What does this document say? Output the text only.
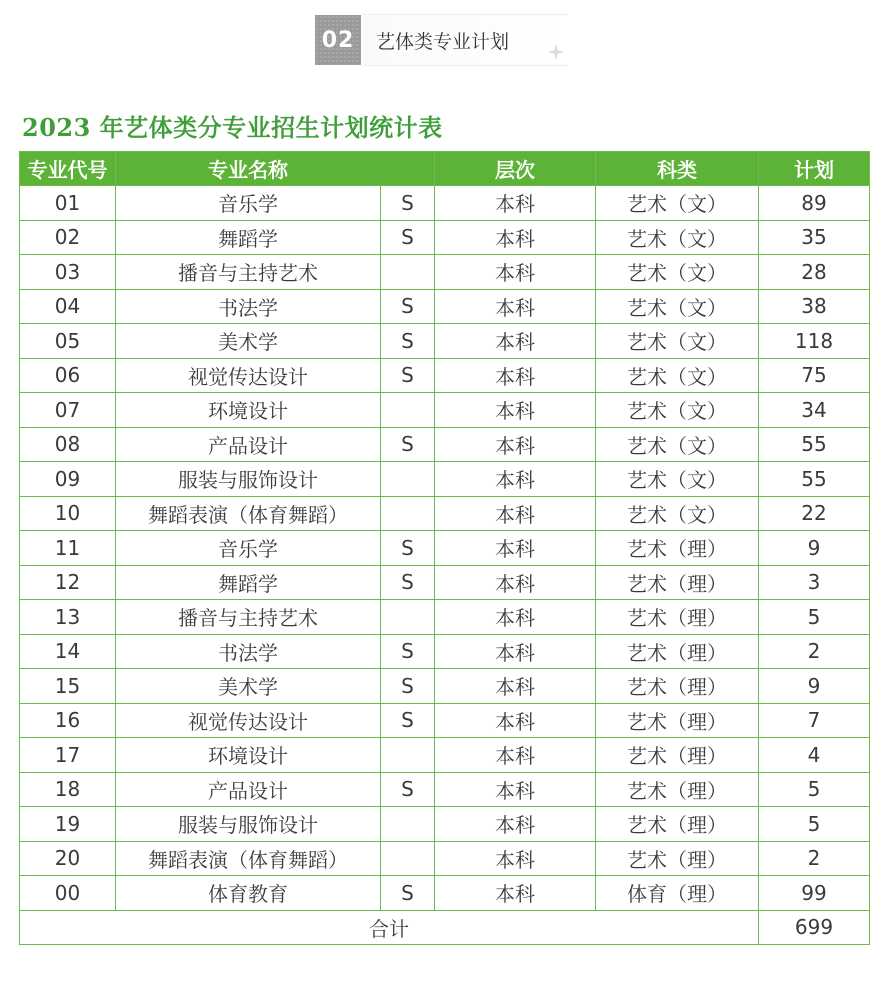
02	艺体类专业计划
2023 年艺体类分专业招生计划统计表
专业代号	专业名称		层次	科类	计划
01	音乐学	S	本科	艺术（文）	89
02	舞蹈学	S	本科	艺术（文）	35
03	播音与主持艺术		本科	艺术（文）	28
04	书法学	S	本科	艺术（文）	38
05	美术学	S	本科	艺术（文）	118
06	视觉传达设计	S	本科	艺术（文）	75
07	环境设计		本科	艺术（文）	34
08	产品设计	S	本科	艺术（文）	55
09	服装与服饰设计		本科	艺术（文）	55
10	舞蹈表演（体育舞蹈）		本科	艺术（文）	22
11	音乐学	S	本科	艺术（理）	9
12	舞蹈学	S	本科	艺术（理）	3
13	播音与主持艺术		本科	艺术（理）	5
14	书法学	S	本科	艺术（理）	2
15	美术学	S	本科	艺术（理）	9
16	视觉传达设计	S	本科	艺术（理）	7
17	环境设计		本科	艺术（理）	4
18	产品设计	S	本科	艺术（理）	5
19	服装与服饰设计		本科	艺术（理）	5
20	舞蹈表演（体育舞蹈）		本科	艺术（理）	2
00	体育教育	S	本科	体育（理）	99
合计					699
